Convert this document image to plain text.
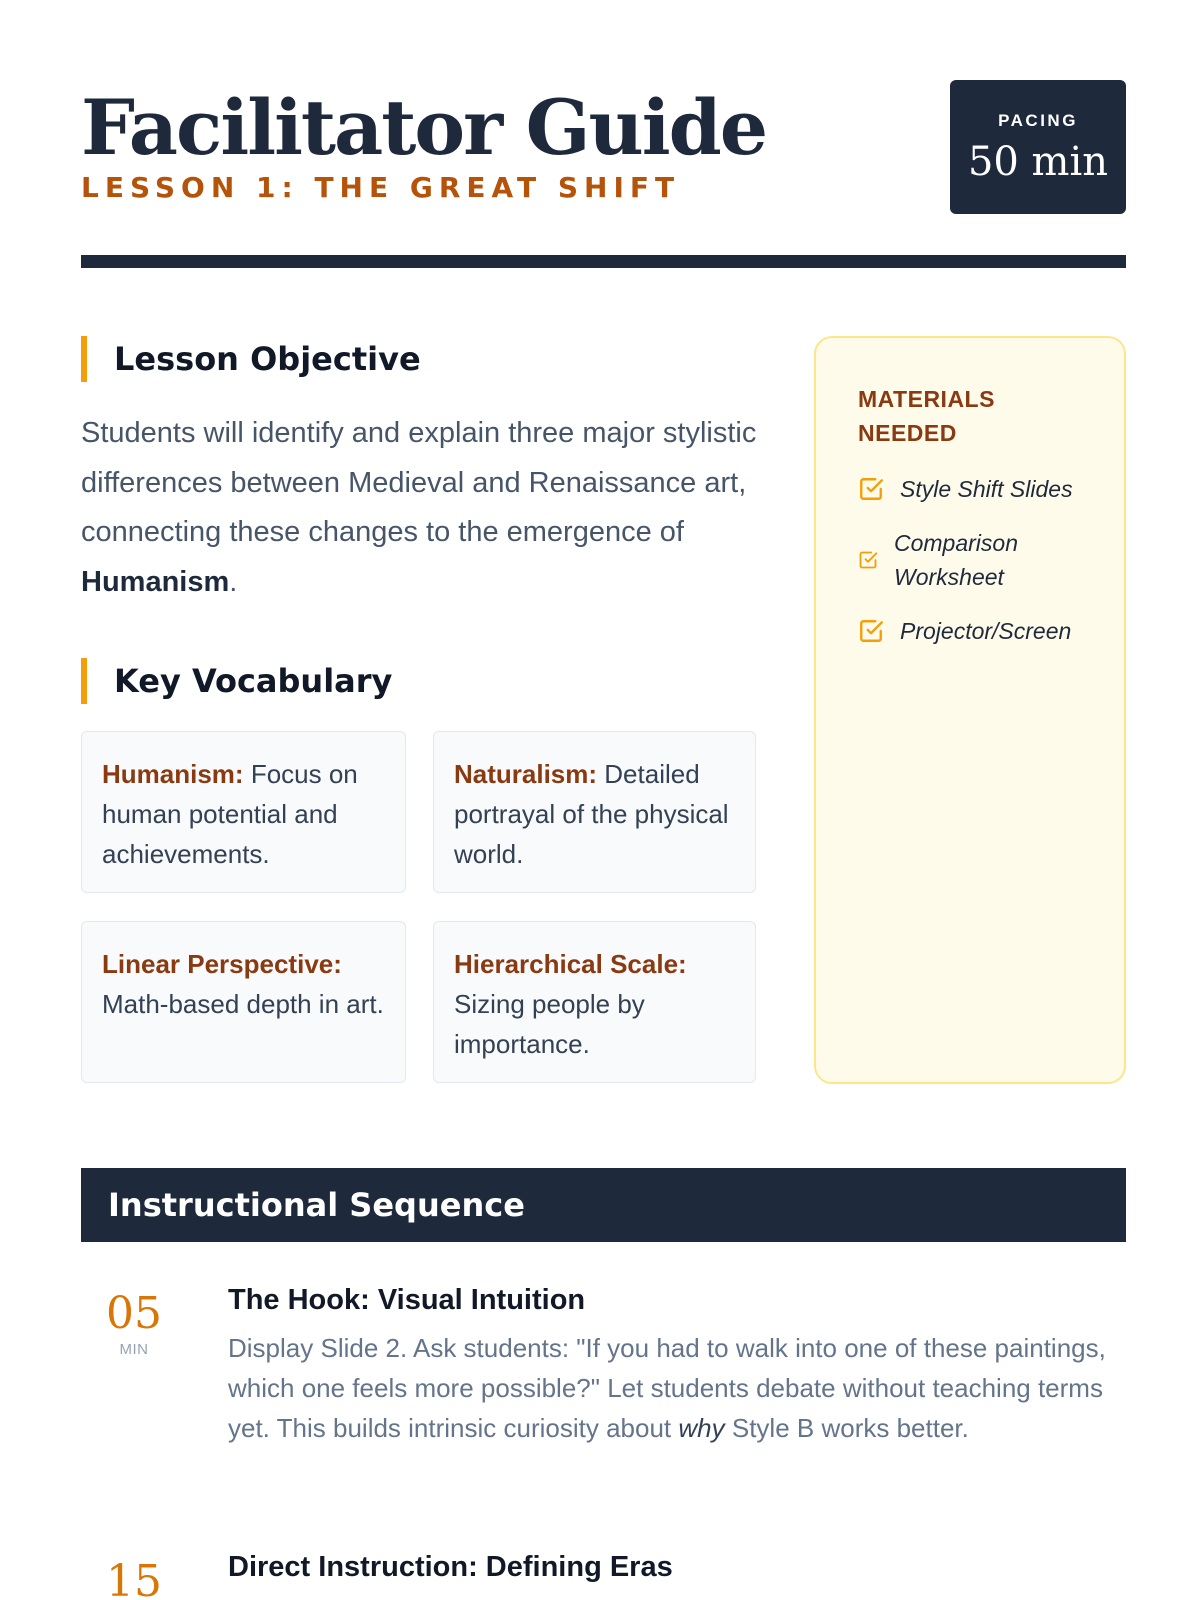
Facilitator Guide
LESSON 1: THE GREAT SHIFT
PACING
50 min
Lesson Objective

Students will identify and explain three major stylistic differences between Medieval and Renaissance art, connecting these changes to the emergence of Humanism.

Key Vocabulary
Humanism: Focus on human potential and achievements.
Naturalism: Detailed portrayal of the physical world.
Linear Perspective: Math-based depth in art.
Hierarchical Scale: Sizing people by importance.
MATERIALS NEEDED
Style Shift Slides
Comparison Worksheet
Projector/Screen
Instructional Sequence
05
MIN
The Hook: Visual Intuition

Display Slide 2. Ask students: "If you had to walk into one of these paintings, which one feels more possible?" Let students debate without teaching terms yet. This builds intrinsic curiosity about why Style B works better.

15	Direct Instruction: Defining Eras
